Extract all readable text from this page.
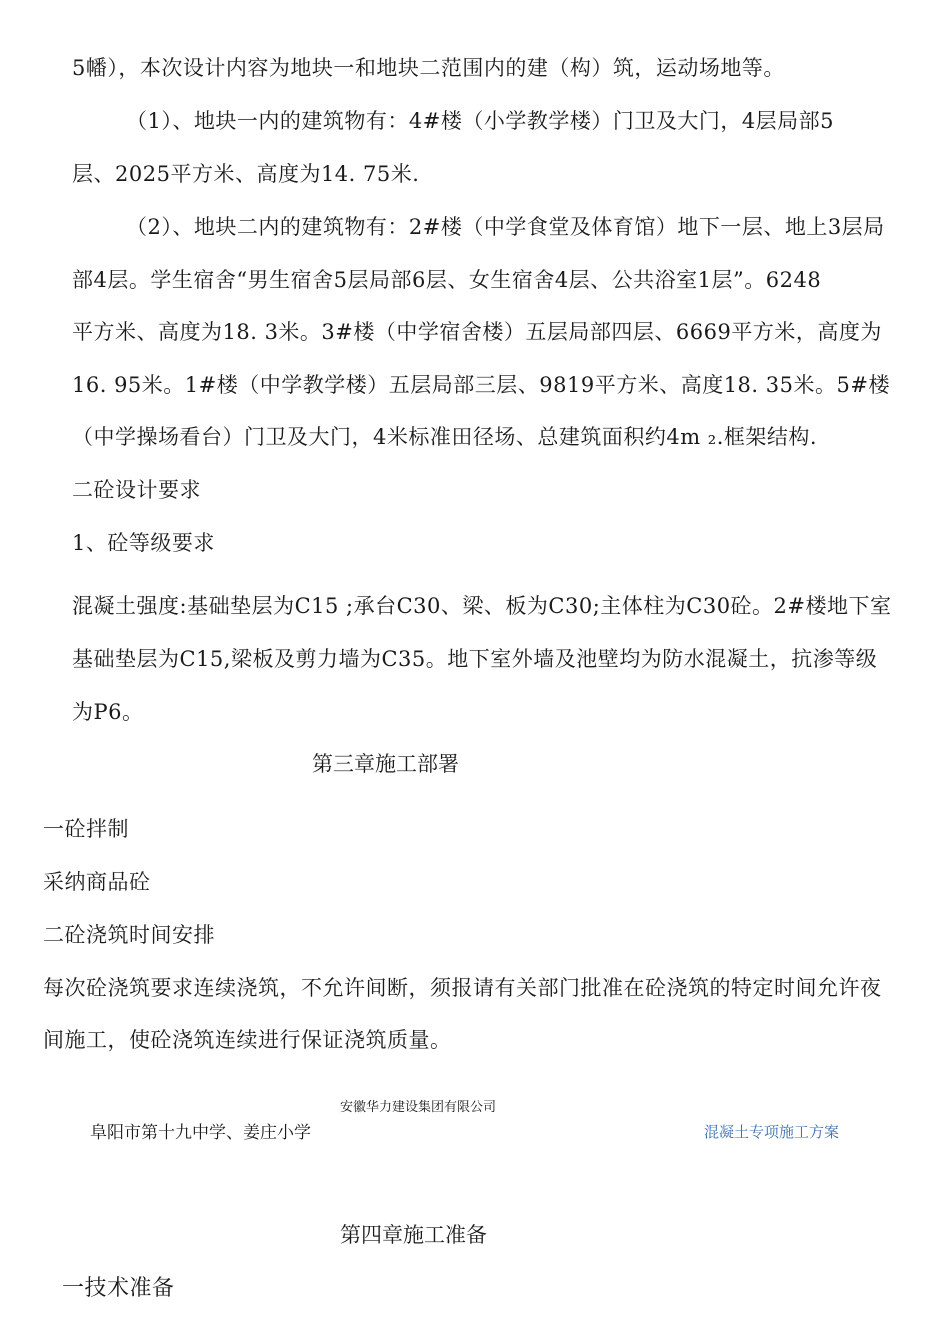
5幡），本次设计内容为地块一和地块二范围内的建（构）筑，运动场地等。
（1）、地块一内的建筑物有：4#楼（小学教学楼）门卫及大门，4层局部5
层、2025平方米、高度为14. 75米.
（2）、地块二内的建筑物有：2#楼（中学食堂及体育馆）地下一层、地上3层局
部4层。学生宿舍“男生宿舍5层局部6层、女生宿舍4层、公共浴室1层”。6248
平方米、高度为18. 3米。3#楼（中学宿舍楼）五层局部四层、6669平方米，高度为
16. 95米。1#楼（中学教学楼）五层局部三层、9819平方米、高度18. 35米。5#楼
（中学操场看台）门卫及大门，4米标准田径场、总建筑面积约4m ₂.框架结构.
二砼设计要求
1、砼等级要求
混凝土强度:基础垫层为C15 ;承台C30、梁、板为C30;主体柱为C30砼。2#楼地下室
基础垫层为C15,梁板及剪力墙为C35。地下室外墙及池壁均为防水混凝土，抗渗等级
为P6。
第三章施工部署
一砼拌制
采纳商品砼
二砼浇筑时间安排
每次砼浇筑要求连续浇筑，不允许间断，须报请有关部门批准在砼浇筑的特定时间允许夜
间施工，使砼浇筑连续进行保证浇筑质量。
安徽华力建设集团有限公司
阜阳市第十九中学、姜庄小学	混凝土专项施工方案
第四章施工准备
一技术准备
